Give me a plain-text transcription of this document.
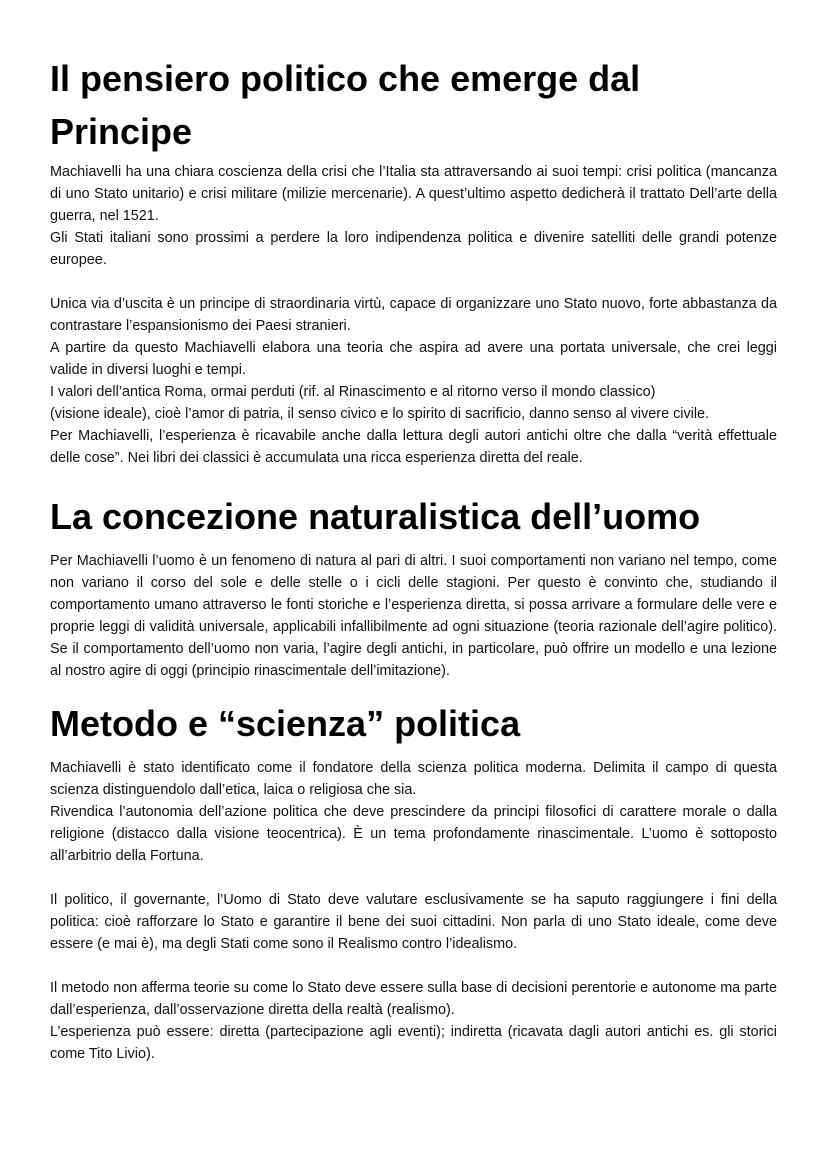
Il pensiero politico che emerge dal
Principe

Machiavelli ha una chiara coscienza della crisi che l’Italia sta attraversando ai suoi tempi: crisi politica (mancanza di uno Stato unitario) e crisi militare (milizie mercenarie). A quest’ultimo aspetto dedicherà il trattato Dell’arte della guerra, nel 1521.

Gli Stati italiani sono prossimi a perdere la loro indipendenza politica e divenire satelliti delle grandi potenze europee.

Unica via d’uscita è un principe di straordinaria virtù, capace di organizzare uno Stato nuovo, forte abbastanza da contrastare l’espansionismo dei Paesi stranieri.

A partire da questo Machiavelli elabora una teoria che aspira ad avere una portata universale, che crei leggi valide in diversi luoghi e tempi.

I valori dell’antica Roma, ormai perduti (rif. al Rinascimento e al ritorno verso il mondo classico)

(visione ideale), cioè l’amor di patria, il senso civico e lo spirito di sacrificio, danno senso al vivere civile.

Per Machiavelli, l’esperienza è ricavabile anche dalla lettura degli autori antichi oltre che dalla “verità effettuale delle cose”. Nei libri dei classici è accumulata una ricca esperienza diretta del reale.

La concezione naturalistica dell’uomo

Per Machiavelli l’uomo è un fenomeno di natura al pari di altri. I suoi comportamenti non variano nel tempo, come non variano il corso del sole e delle stelle o i cicli delle stagioni. Per questo è convinto che, studiando il comportamento umano attraverso le fonti storiche e l’esperienza diretta, si possa arrivare a formulare delle vere e proprie leggi di validità universale, applicabili infallibilmente ad ogni situazione (teoria razionale dell’agire politico). Se il comportamento dell’uomo non varia, l’agire degli antichi, in particolare, può offrire un modello e una lezione al nostro agire di oggi (principio rinascimentale dell’imitazione).

Metodo e “scienza” politica

Machiavelli è stato identificato come il fondatore della scienza politica moderna. Delimita il campo di questa scienza distinguendolo dall’etica, laica o religiosa che sia.

Rivendica l’autonomia dell’azione politica che deve prescindere da principi filosofici di carattere morale o dalla religione (distacco dalla visione teocentrica). È un tema profondamente rinascimentale. L’uomo è sottoposto all’arbitrio della Fortuna.

Il politico, il governante, l’Uomo di Stato deve valutare esclusivamente se ha saputo raggiungere i fini della politica: cioè rafforzare lo Stato e garantire il bene dei suoi cittadini. Non parla di uno Stato ideale, come deve essere (e mai è), ma degli Stati come sono il Realismo contro l’idealismo.

Il metodo non afferma teorie su come lo Stato deve essere sulla base di decisioni perentorie e autonome ma parte dall’esperienza, dall’osservazione diretta della realtà (realismo).

L’esperienza può essere: diretta (partecipazione agli eventi); indiretta (ricavata dagli autori antichi es. gli storici come Tito Livio).
